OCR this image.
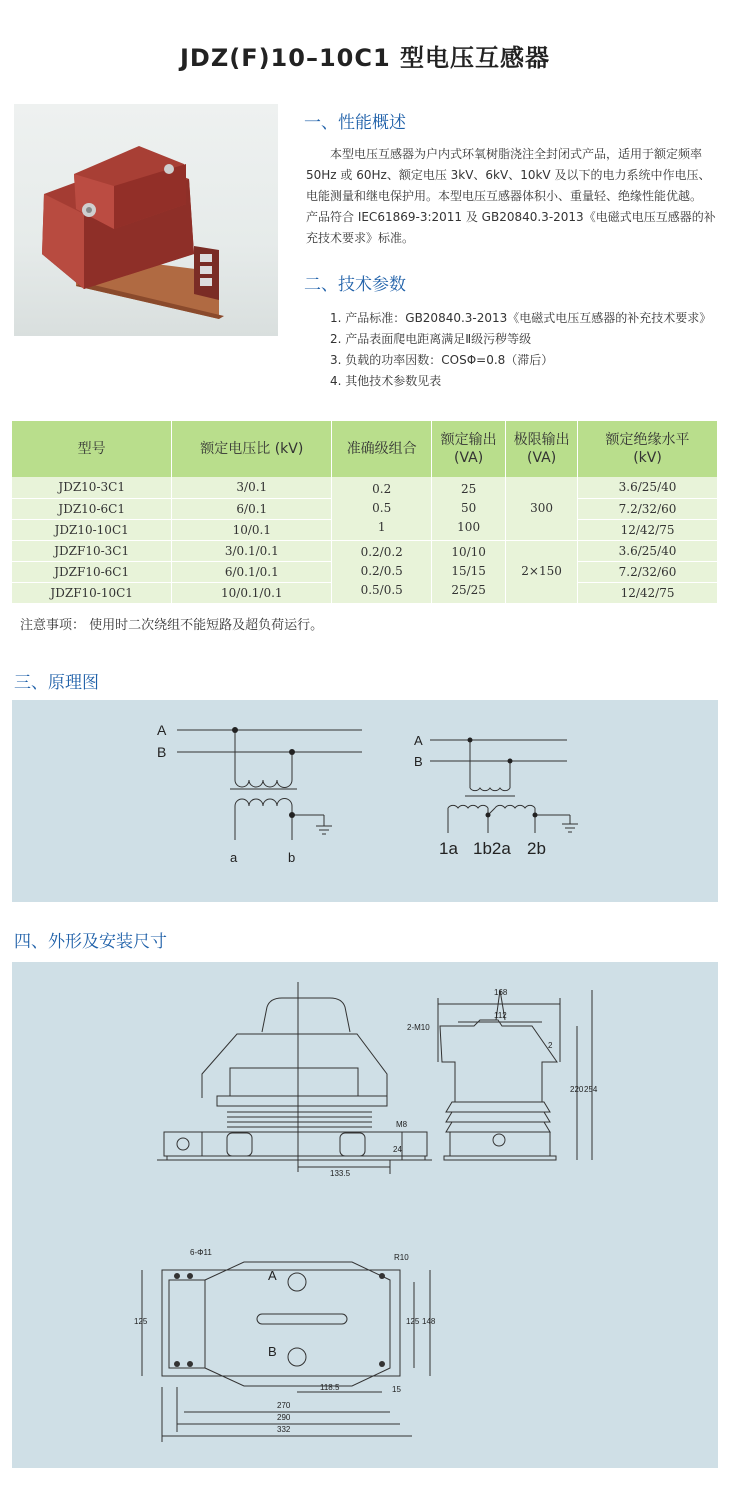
JDZ(F)10–10C1 型电压互感器
一、性能概述
本型电压互感器为户内式环氧树脂浇注全封闭式产品，适用于额定频率
50Hz 或 60Hz、额定电压 3kV、6kV、10kV 及以下的电力系统中作电压、
电能测量和继电保护用。本型电压互感器体积小、重量轻、绝缘性能优越。
产品符合 IEC61869-3:2011 及 GB20840.3-2013《电磁式电压互感器的补
充技术要求》标准。
二、技术参数
1. 产品标准：GB20840.3-2013《电磁式电压互感器的补充技术要求》
2. 产品表面爬电距离满足Ⅱ级污秽等级
3. 负载的功率因数：COSΦ=0.8（滞后）
4. 其他技术参数见表
型号	额定电压比 (kV)	准确级组合	额定输出
(VA)	极限输出
(VA)	额定绝缘水平
(kV)
JDZ10-3C1	3/0.1	0.2
0.5
1	25
50
100	300	3.6/25/40
JDZ10-6C1	6/0.1				7.2/32/60
JDZ10-10C1	10/0.1				12/42/75
JDZF10-3C1	3/0.1/0.1	0.2/0.2
0.2/0.5
0.5/0.5	10/10
15/15
25/25	2×150	3.6/25/40
JDZF10-6C1	6/0.1/0.1				7.2/32/60
JDZF10-10C1	10/0.1/0.1				12/42/75
注意事项： 使用时二次绕组不能短路及超负荷运行。
三、原理图
A
B
a	b
A
B
1a 1b2a 2b
四、外形及安装尺寸
168
112
2-M10
2
220 254
M8
24
133.5
6-Φ11
R10
125	125 148
118.5	15
270
290
332
A
B
